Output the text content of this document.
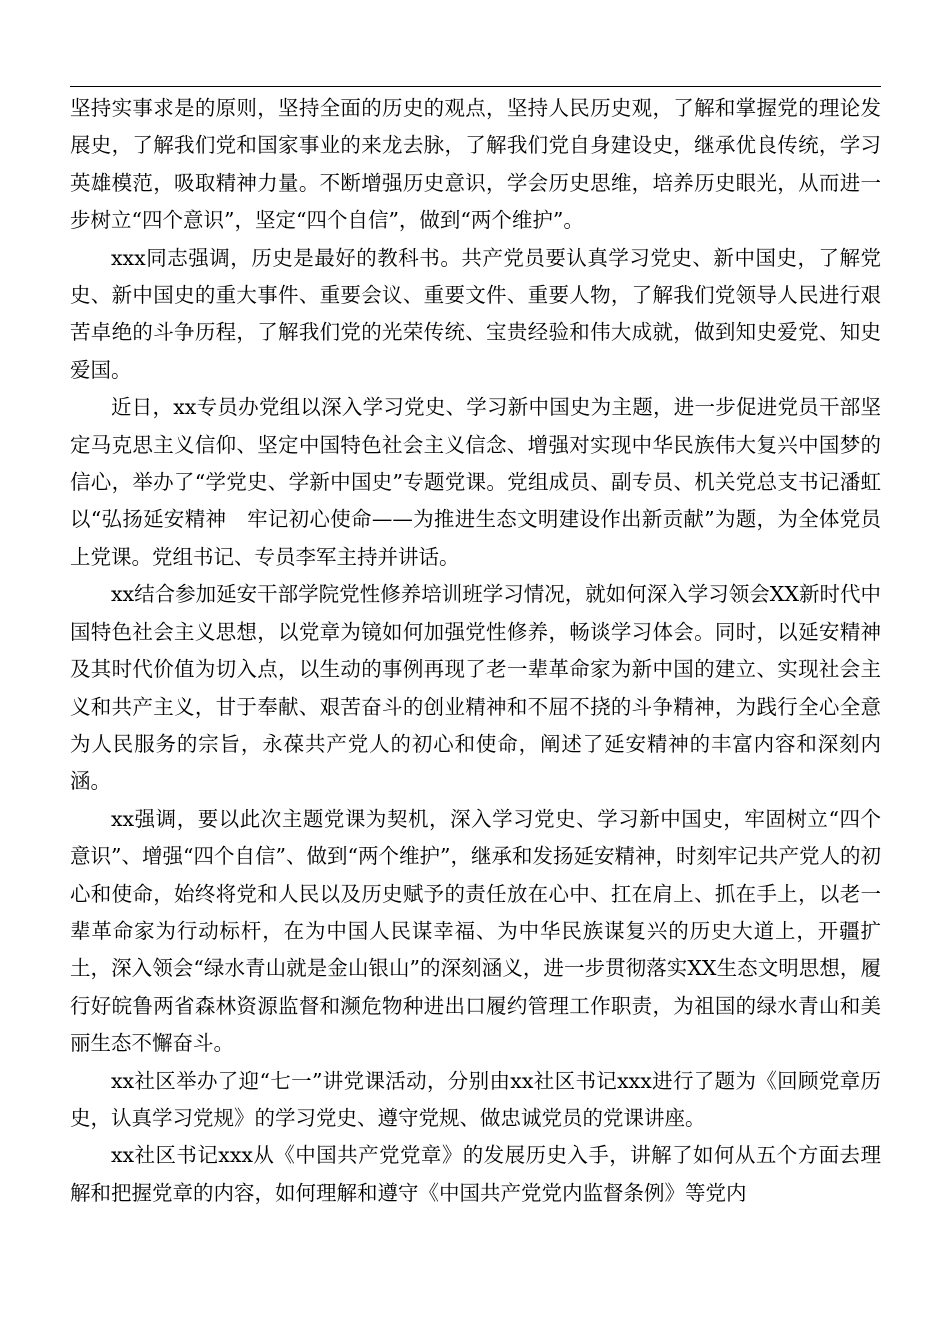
坚持实事求是的原则，坚持全面的历史的观点，坚持人民历史观，了解和掌握党的理论发展史，了解我们党和国家事业的来龙去脉，了解我们党自身建设史，继承优良传统，学习英雄模范，吸取精神力量。不断增强历史意识，学会历史思维，培养历史眼光，从而进一步树立“四个意识”，坚定“四个自信”，做到“两个维护”。

xxx同志强调，历史是最好的教科书。共产党员要认真学习党史、新中国史，了解党史、新中国史的重大事件、重要会议、重要文件、重要人物，了解我们党领导人民进行艰苦卓绝的斗争历程，了解我们党的光荣传统、宝贵经验和伟大成就，做到知史爱党、知史爱国。

近日，xx专员办党组以深入学习党史、学习新中国史为主题，进一步促进党员干部坚定马克思主义信仰、坚定中国特色社会主义信念、增强对实现中华民族伟大复兴中国梦的信心，举办了“学党史、学新中国史”专题党课。党组成员、副专员、机关党总支书记潘虹以“弘扬延安精神　牢记初心使命——为推进生态文明建设作出新贡献”为题，为全体党员上党课。党组书记、专员李军主持并讲话。

xx结合参加延安干部学院党性修养培训班学习情况，就如何深入学习领会XX新时代中国特色社会主义思想，以党章为镜如何加强党性修养，畅谈学习体会。同时，以延安精神及其时代价值为切入点，以生动的事例再现了老一辈革命家为新中国的建立、实现社会主义和共产主义，甘于奉献、艰苦奋斗的创业精神和不屈不挠的斗争精神，为践行全心全意为人民服务的宗旨，永葆共产党人的初心和使命，阐述了延安精神的丰富内容和深刻内涵。

xx强调，要以此次主题党课为契机，深入学习党史、学习新中国史，牢固树立“四个意识”、增强“四个自信”、做到“两个维护”，继承和发扬延安精神，时刻牢记共产党人的初心和使命，始终将党和人民以及历史赋予的责任放在心中、扛在肩上、抓在手上，以老一辈革命家为行动标杆，在为中国人民谋幸福、为中华民族谋复兴的历史大道上，开疆扩土，深入领会“绿水青山就是金山银山”的深刻涵义，进一步贯彻落实XX生态文明思想，履行好皖鲁两省森林资源监督和濒危物种进出口履约管理工作职责，为祖国的绿水青山和美丽生态不懈奋斗。

xx社区举办了迎“七一”讲党课活动，分别由xx社区书记xxx进行了题为《回顾党章历史，认真学习党规》的学习党史、遵守党规、做忠诚党员的党课讲座。

xx社区书记xxx从《中国共产党党章》的发展历史入手，讲解了如何从五个方面去理解和把握党章的内容，如何理解和遵守《中国共产党党内监督条例》等党内
